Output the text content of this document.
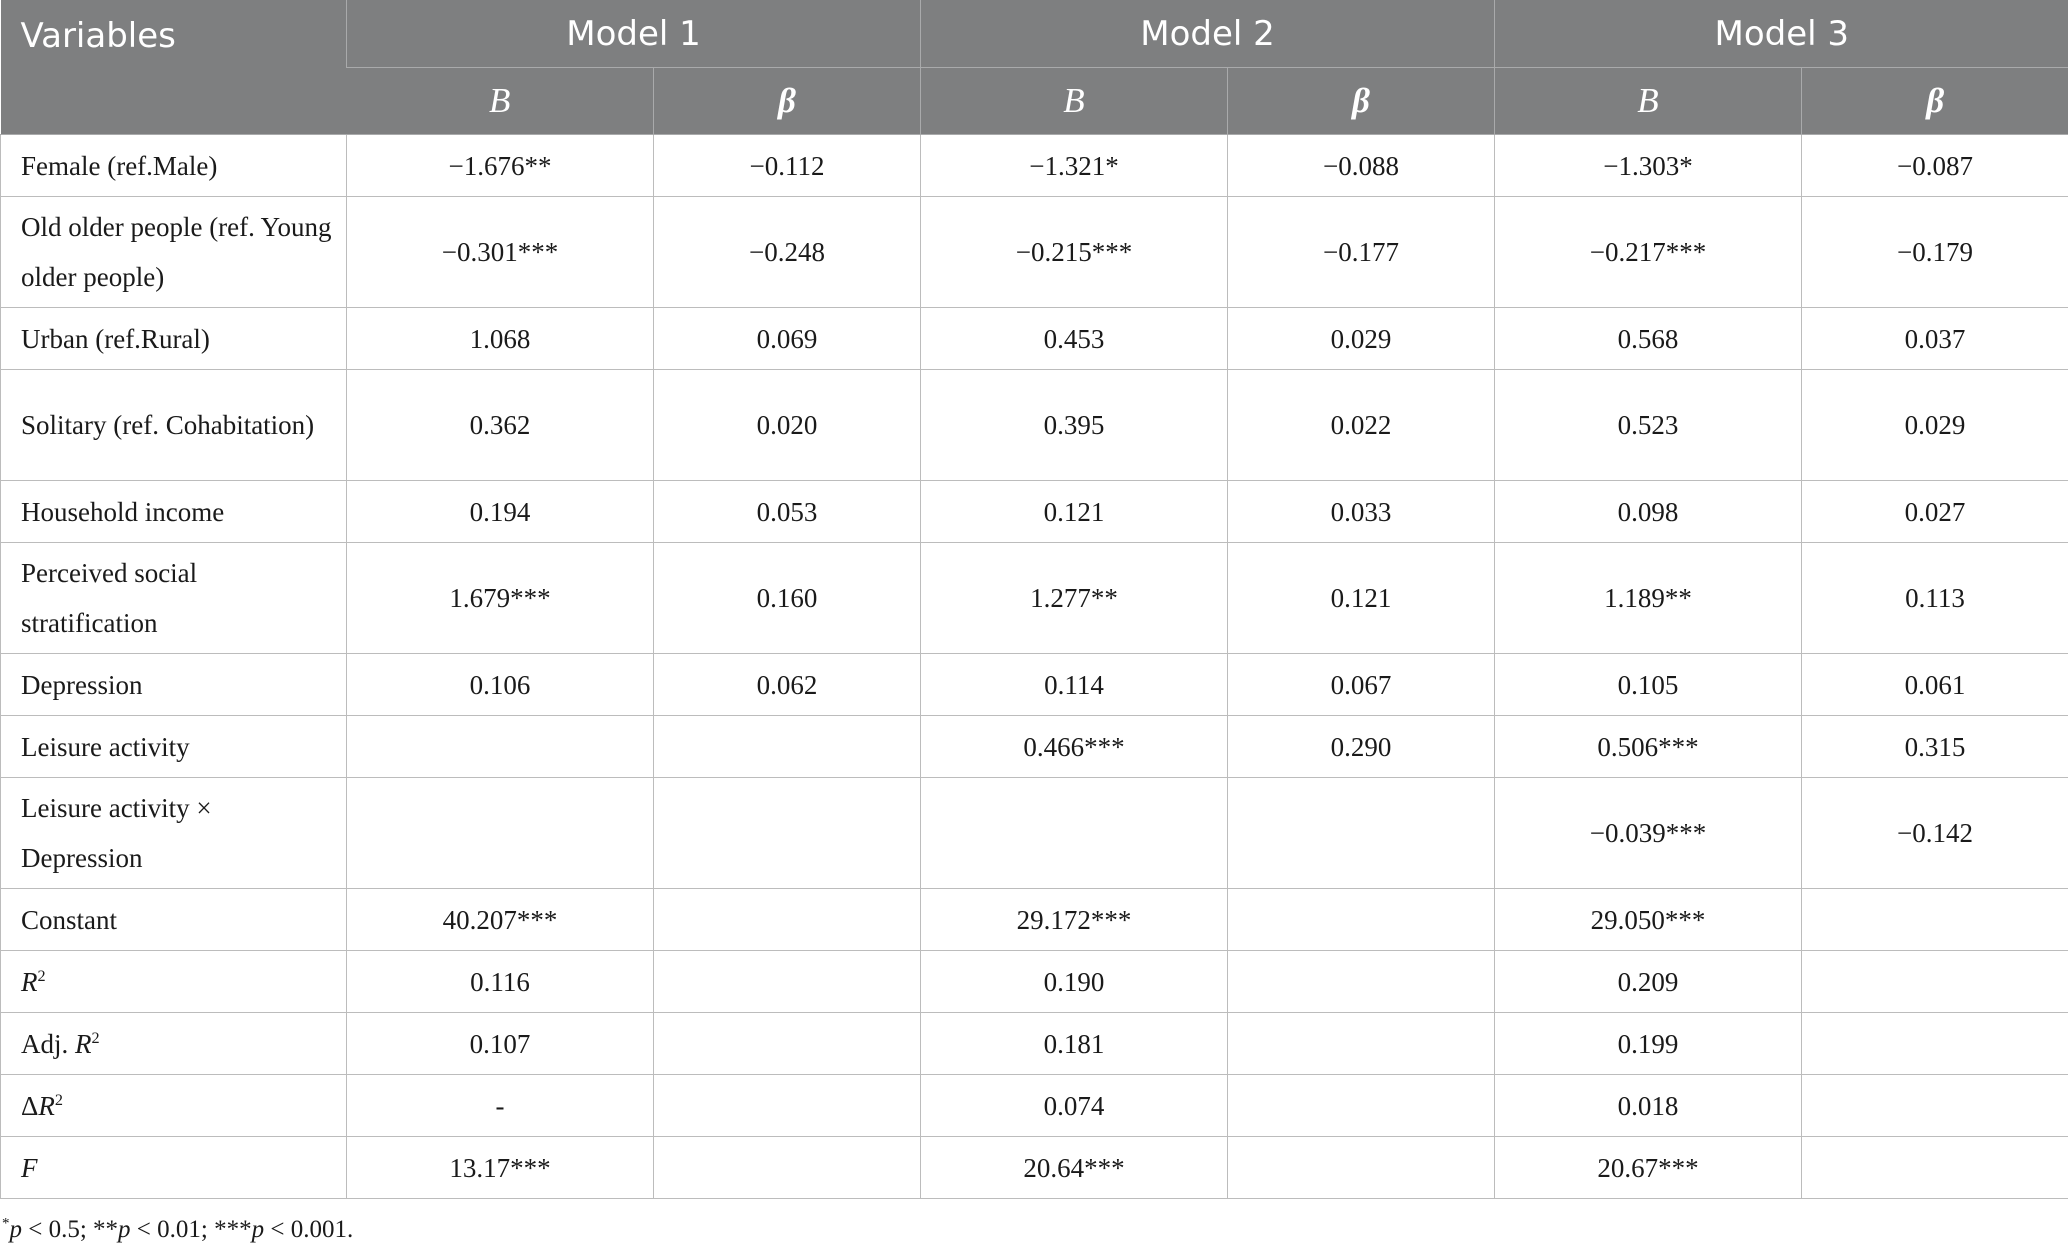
Variables	Model 1		Model 2		Model 3	
	B	β	B	β	B	β
Female (ref.Male)	−1.676**	−0.112	−1.321*	−0.088	−1.303*	−0.087
Old older people (ref. Young older people)	−0.301***	−0.248	−0.215***	−0.177	−0.217***	−0.179
Urban (ref.Rural)	1.068	0.069	0.453	0.029	0.568	0.037
Solitary (ref. Cohabitation)	0.362	0.020	0.395	0.022	0.523	0.029
Household income	0.194	0.053	0.121	0.033	0.098	0.027
Perceived social stratification	1.679***	0.160	1.277**	0.121	1.189**	0.113
Depression	0.106	0.062	0.114	0.067	0.105	0.061
Leisure activity			0.466***	0.290	0.506***	0.315
Leisure activity × Depression					−0.039***	−0.142
Constant	40.207***		29.172***		29.050***	
$R^2$	0.116		0.190		0.209	
Adj. $R^2$	0.107		0.181		0.199	
$\Delta R^2$	-		0.074		0.018	
F	13.17***		20.64***		20.67***	
*p < 0.5; **p < 0.01; ***p < 0.001.
